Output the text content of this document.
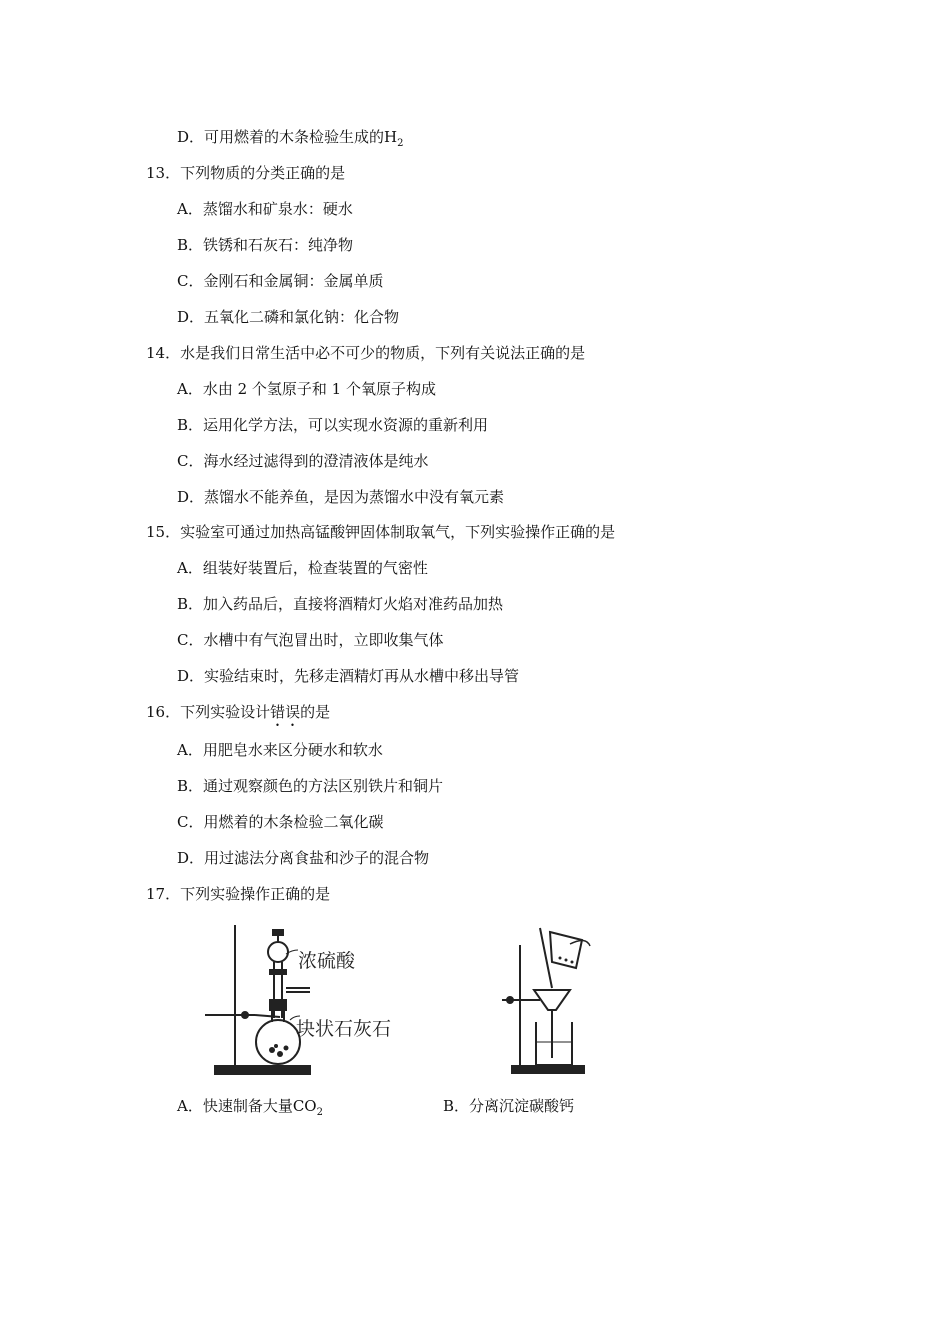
D．可用燃着的木条检验生成的$H_2$
13．下列物质的分类正确的是
A．蒸馏水和矿泉水：硬水
B．铁锈和石灰石：纯净物
C．金刚石和金属铜：金属单质
D．五氧化二磷和氯化钠：化合物
14．水是我们日常生活中必不可少的物质，下列有关说法正确的是
A．水由 2 个氢原子和 1 个氧原子构成
B．运用化学方法，可以实现水资源的重新利用
C．海水经过滤得到的澄清液体是纯水
D．蒸馏水不能养鱼，是因为蒸馏水中没有氧元素
15．实验室可通过加热高锰酸钾固体制取氧气，下列实验操作正确的是
A．组装好装置后，检查装置的气密性
B．加入药品后，直接将酒精灯火焰对准药品加热
C．水槽中有气泡冒出时，立即收集气体
D．实验结束时，先移走酒精灯再从水槽中移出导管
16．下列实验设计错误的是
A．用肥皂水来区分硬水和软水
B．通过观察颜色的方法区别铁片和铜片
C．用燃着的木条检验二氧化碳
D．用过滤法分离食盐和沙子的混合物
17．下列实验操作正确的是
浓硫酸
块状石灰石
A．快速制备大量$CO_2$	B．分离沉淀碳酸钙
